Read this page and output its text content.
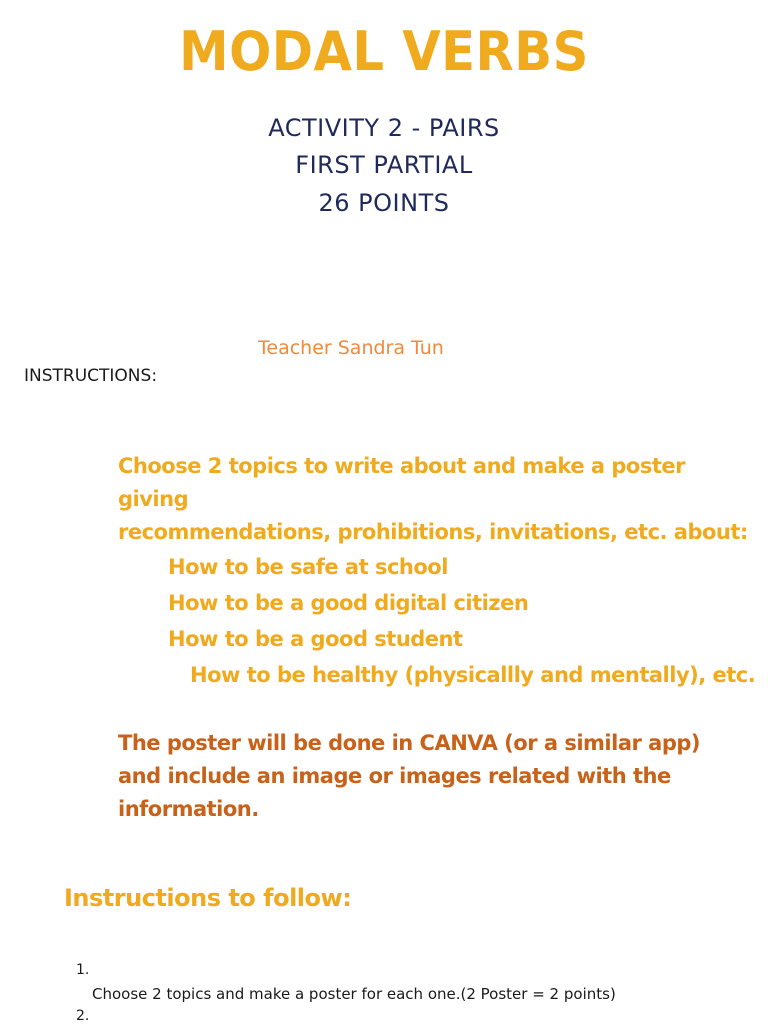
MODAL VERBS
ACTIVITY 2 - PAIRS
FIRST PARTIAL
26 POINTS
Teacher Sandra Tun
INSTRUCTIONS:
Choose 2 topics to write about and make a poster giving
recommendations, prohibitions, invitations, etc. about:
How to be safe at school
How to be a good digital citizen
How to be a good student
How to be healthy (physicallly and mentally), etc.
The poster will be done in CANVA (or a similar app)
and include an image or images related with the
information.
Instructions to follow:
1.
Choose 2 topics and make a poster for each one.(2 Poster = 2 points)
2.
